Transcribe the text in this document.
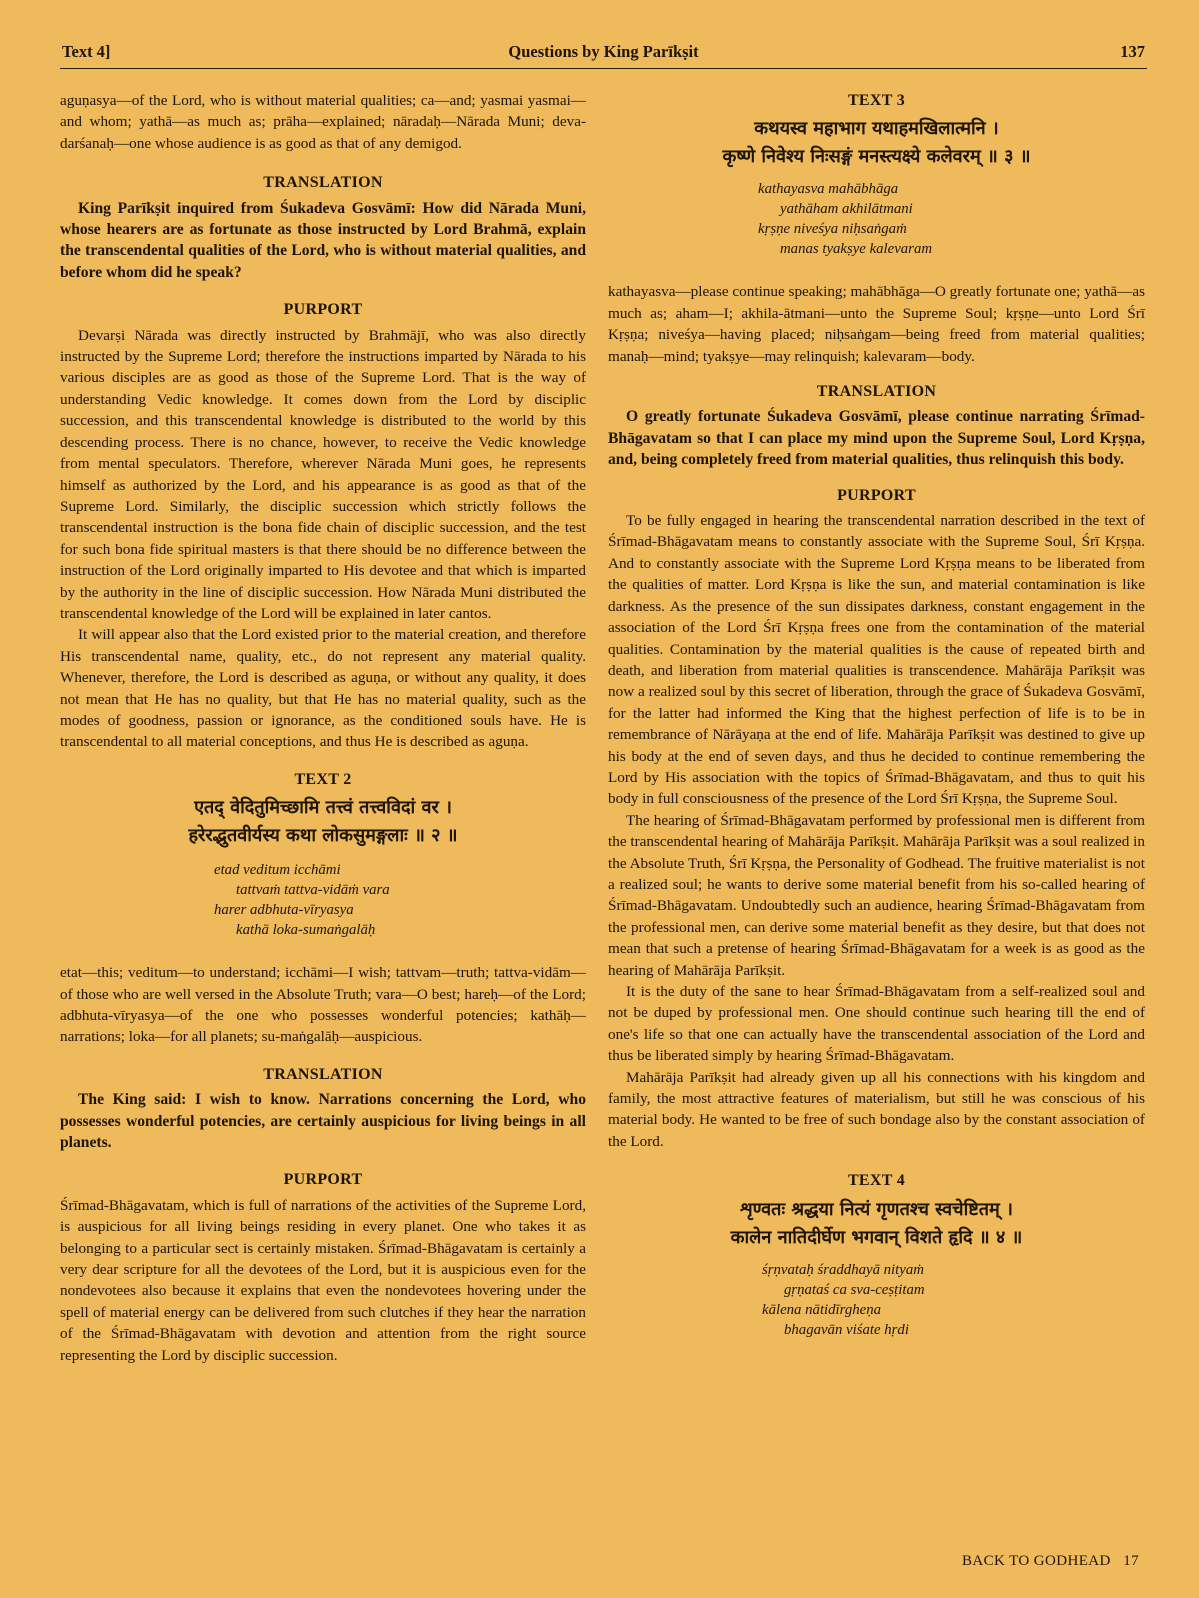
Text 4]	Questions by King Parīkṣit	137

aguṇasya—of the Lord, who is without material qualities; ca—and; yasmai yasmai—and whom; yathā—as much as; prāha—explained; nāradaḥ—Nārada Muni; deva-darśanaḥ—one whose audience is as good as that of any demigod.

TRANSLATION

King Parīkṣit inquired from Śukadeva Gosvāmī: How did Nārada Muni, whose hearers are as fortunate as those instructed by Lord Brahmā, explain the transcendental qualities of the Lord, who is without material qualities, and before whom did he speak?

PURPORT

Devarṣi Nārada was directly instructed by Brahmājī, who was also directly instructed by the Supreme Lord; therefore the instructions imparted by Nārada to his various disciples are as good as those of the Supreme Lord. That is the way of understanding Vedic knowledge. It comes down from the Lord by disciplic succession, and this transcendental knowledge is distributed to the world by this descending process. There is no chance, however, to receive the Vedic knowledge from mental speculators. Therefore, wherever Nārada Muni goes, he represents himself as authorized by the Lord, and his appearance is as good as that of the Supreme Lord. Similarly, the disciplic succession which strictly follows the transcendental instruction is the bona fide chain of disciplic succession, and the test for such bona fide spiritual masters is that there should be no difference between the instruction of the Lord originally imparted to His devotee and that which is imparted by the authority in the line of disciplic succession. How Nārada Muni distributed the transcendental knowledge of the Lord will be explained in later cantos.

It will appear also that the Lord existed prior to the material creation, and therefore His transcendental name, quality, etc., do not represent any material quality. Whenever, therefore, the Lord is described as aguṇa, or without any quality, it does not mean that He has no quality, but that He has no material quality, such as the modes of goodness, passion or ignorance, as the conditioned souls have. He is transcendental to all material conceptions, and thus He is described as aguṇa.

TEXT 2
एतद् वेदितुमिच्छामि तत्त्वं तत्त्वविदां वर ।
हरेरद्भुतवीर्यस्य कथा लोकसुमङ्गलाः ॥ २ ॥
etad veditum icchāmi
tattvaṁ tattva-vidāṁ vara
harer adbhuta-vīryasya
kathā loka-sumaṅgalāḥ

etat—this; veditum—to understand; icchāmi—I wish; tattvam—truth; tattva-vidām—of those who are well versed in the Absolute Truth; vara—O best; hareḥ—of the Lord; adbhuta-vīryasya—of the one who possesses wonderful potencies; kathāḥ—narrations; loka—for all planets; su-maṅgalāḥ—auspicious.

TRANSLATION

The King said: I wish to know. Narrations concerning the Lord, who possesses wonderful potencies, are certainly auspicious for living beings in all planets.

PURPORT

Śrīmad-Bhāgavatam, which is full of narrations of the activities of the Supreme Lord, is auspicious for all living beings residing in every planet. One who takes it as belonging to a particular sect is certainly mistaken. Śrīmad-Bhāgavatam is certainly a very dear scripture for all the devotees of the Lord, but it is auspicious even for the nondevotees also because it explains that even the nondevotees hovering under the spell of material energy can be delivered from such clutches if they hear the narration of the Śrīmad-Bhāgavatam with devotion and attention from the right source representing the Lord by disciplic succession.

TEXT 3
कथयस्व महाभाग यथाहमखिलात्मनि ।
कृष्णे निवेश्य निःसङ्गं मनस्त्यक्ष्ये कलेवरम् ॥ ३ ॥
kathayasva mahābhāga
yathāham akhilātmani
kṛṣṇe niveśya niḥsaṅgaṁ
manas tyakṣye kalevaram

kathayasva—please continue speaking; mahābhāga—O greatly fortunate one; yathā—as much as; aham—I; akhila-ātmani—unto the Supreme Soul; kṛṣṇe—unto Lord Śrī Kṛṣṇa; niveśya—having placed; niḥsaṅgam—being freed from material qualities; manaḥ—mind; tyakṣye—may relinquish; kalevaram—body.

TRANSLATION

O greatly fortunate Śukadeva Gosvāmī, please continue narrating Śrīmad-Bhāgavatam so that I can place my mind upon the Supreme Soul, Lord Kṛṣṇa, and, being completely freed from material qualities, thus relinquish this body.

PURPORT

To be fully engaged in hearing the transcendental narration described in the text of Śrīmad-Bhāgavatam means to constantly associate with the Supreme Soul, Śrī Kṛṣṇa. And to constantly associate with the Supreme Lord Kṛṣṇa means to be liberated from the qualities of matter. Lord Kṛṣṇa is like the sun, and material contamination is like darkness. As the presence of the sun dissipates darkness, constant engagement in the association of the Lord Śrī Kṛṣṇa frees one from the contamination of the material qualities. Contamination by the material qualities is the cause of repeated birth and death, and liberation from material qualities is transcendence. Mahārāja Parīkṣit was now a realized soul by this secret of liberation, through the grace of Śukadeva Gosvāmī, for the latter had informed the King that the highest perfection of life is to be in remembrance of Nārāyaṇa at the end of life. Mahārāja Parīkṣit was destined to give up his body at the end of seven days, and thus he decided to continue remembering the Lord by His association with the topics of Śrīmad-Bhāgavatam, and thus to quit his body in full consciousness of the presence of the Lord Śrī Kṛṣṇa, the Supreme Soul.

The hearing of Śrīmad-Bhāgavatam performed by professional men is different from the transcendental hearing of Mahārāja Parīkṣit. Mahārāja Parīkṣit was a soul realized in the Absolute Truth, Śrī Kṛṣṇa, the Personality of Godhead. The fruitive materialist is not a realized soul; he wants to derive some material benefit from his so-called hearing of Śrīmad-Bhāgavatam. Undoubtedly such an audience, hearing Śrīmad-Bhāgavatam from the professional men, can derive some material benefit as they desire, but that does not mean that such a pretense of hearing Śrīmad-Bhāgavatam for a week is as good as the hearing of Mahārāja Parīkṣit.

It is the duty of the sane to hear Śrīmad-Bhāgavatam from a self-realized soul and not be duped by professional men. One should continue such hearing till the end of one's life so that one can actually have the transcendental association of the Lord and thus be liberated simply by hearing Śrīmad-Bhāgavatam.

Mahārāja Parīkṣit had already given up all his connections with his kingdom and family, the most attractive features of materialism, but still he was conscious of his material body. He wanted to be free of such bondage also by the constant association of the Lord.

TEXT 4
शृण्वतः श्रद्धया नित्यं गृणतश्च स्वचेष्टितम् ।
कालेन नातिदीर्घेण भगवान् विशते हृदि ॥ ४ ॥
śṛṇvataḥ śraddhayā nityaṁ
gṛṇataś ca sva-ceṣṭitam
kālena nātidīrgheṇa
bhagavān viśate hṛdi
BACK TO GODHEAD   17
